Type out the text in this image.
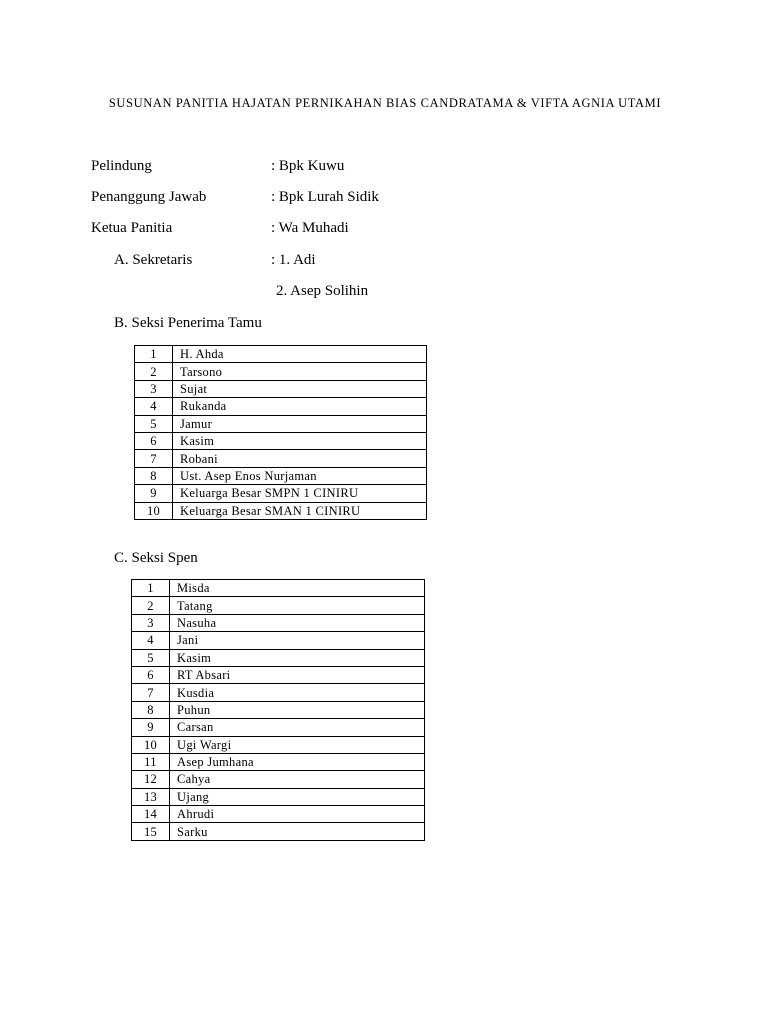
SUSUNAN PANITIA HAJATAN PERNIKAHAN BIAS CANDRATAMA & VIFTA AGNIA UTAMI
Pelindung	: Bpk Kuwu
Penanggung Jawab	: Bpk Lurah Sidik
Ketua Panitia	: Wa Muhadi
A. Sekretaris	: 1. Adi
2. Asep Solihin
B. Seksi Penerima Tamu
1	H. Ahda
2	Tarsono
3	Sujat
4	Rukanda
5	Jamur
6	Kasim
7	Robani
8	Ust. Asep Enos Nurjaman
9	Keluarga Besar SMPN 1 CINIRU
10	Keluarga Besar SMAN 1 CINIRU
C. Seksi Spen
1	Misda
2	Tatang
3	Nasuha
4	Jani
5	Kasim
6	RT Absari
7	Kusdia
8	Puhun
9	Carsan
10	Ugi Wargi
11	Asep Jumhana
12	Cahya
13	Ujang
14	Ahrudi
15	Sarku
